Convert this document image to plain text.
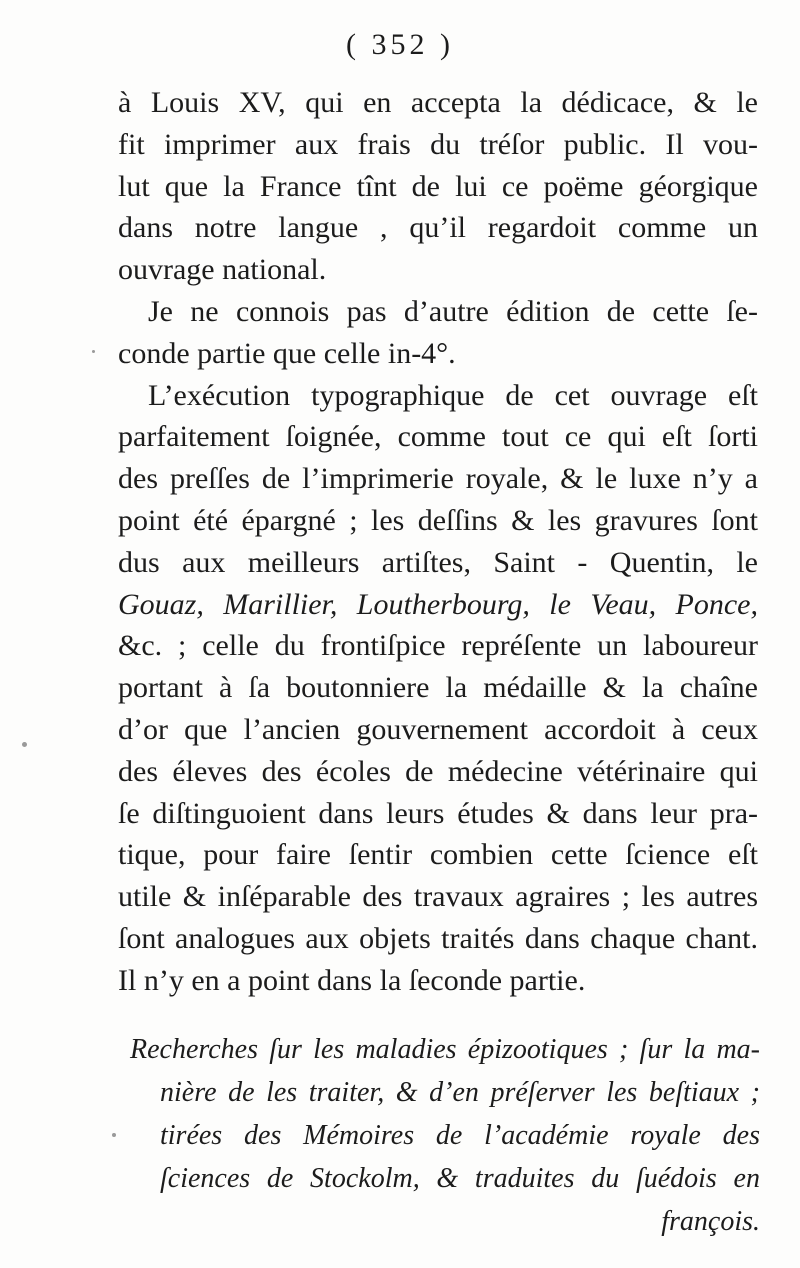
( 352 )
à Louis XV, qui en accepta la dédicace, & le
fit imprimer aux frais du tréſor public. Il vou-
lut que la France tînt de lui ce poëme géorgique
dans notre langue , qu’il regardoit comme un
ouvrage national.
Je ne connois pas d’autre édition de cette ſe-
conde partie que celle in-4°.
L’exécution typographique de cet ouvrage eſt
parfaitement ſoignée, comme tout ce qui eſt ſorti
des preſſes de l’imprimerie royale, & le luxe n’y a
point été épargné ; les deſſins & les gravures ſont
dus aux meilleurs artiſtes, Saint - Quentin, le
Gouaz, Marillier, Loutherbourg, le Veau, Ponce,
&c. ; celle du frontiſpice repréſente un laboureur
portant à ſa boutonniere la médaille & la chaîne
d’or que l’ancien gouvernement accordoit à ceux
des éleves des écoles de médecine vétérinaire qui
ſe diſtinguoient dans leurs études & dans leur pra-
tique, pour faire ſentir combien cette ſcience eſt
utile & inſéparable des travaux agraires ; les autres
ſont analogues aux objets traités dans chaque chant.
Il n’y en a point dans la ſeconde partie.
Recherches ſur les maladies épizootiques ; ſur la ma-
nière de les traiter, & d’en préſerver les beſtiaux ;
tirées des Mémoires de l’académie royale des
ſciences de Stockolm, & traduites du ſuédois en
françois.
